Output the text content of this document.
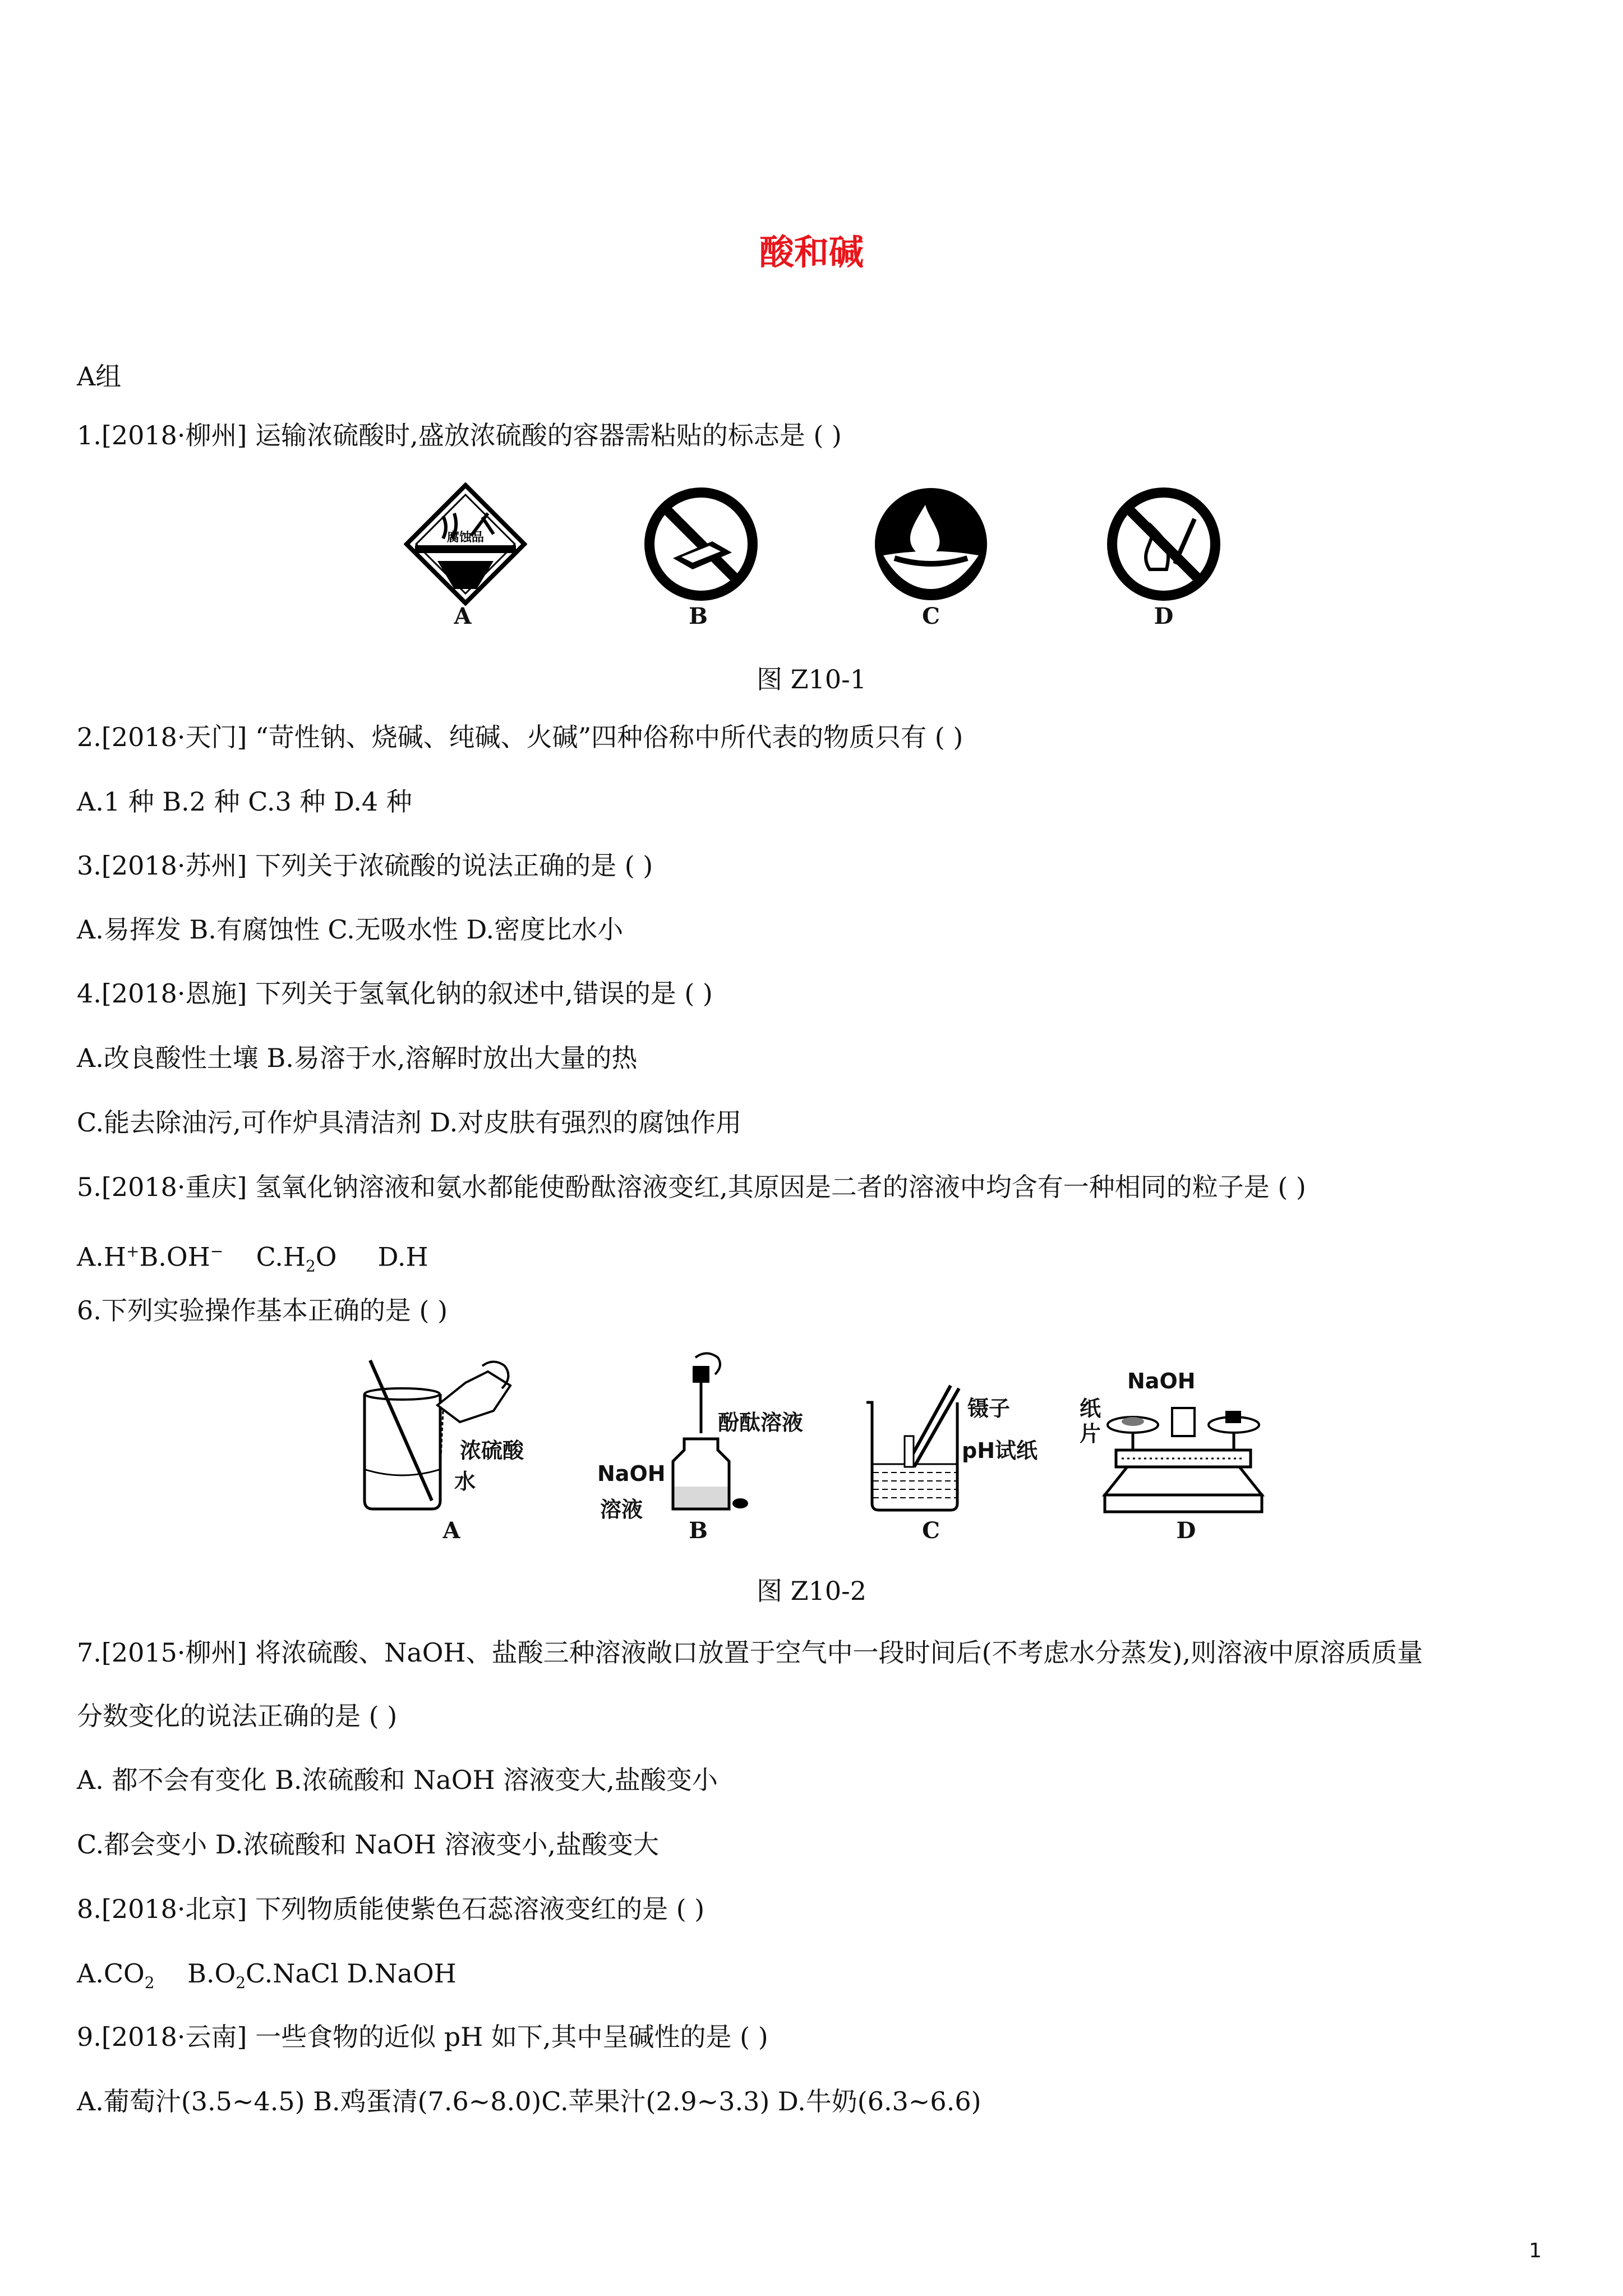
酸和碱
A组
1.[2018·柳州] 运输浓硫酸时,盛放浓硫酸的容器需粘贴的标志是 ( )
腐蚀品
A	B	C	D
图 Z10-1
2.[2018·天门] “苛性钠、烧碱、纯碱、火碱”四种俗称中所代表的物质只有 ( )
A.1 种 B.2 种 C.3 种 D.4 种
3.[2018·苏州] 下列关于浓硫酸的说法正确的是 ( )
A.易挥发 B.有腐蚀性 C.无吸水性 D.密度比水小
4.[2018·恩施] 下列关于氢氧化钠的叙述中,错误的是 ( )
A.改良酸性土壤 B.易溶于水,溶解时放出大量的热
C.能去除油污,可作炉具清洁剂 D.对皮肤有强烈的腐蚀作用
5.[2018·重庆] 氢氧化钠溶液和氨水都能使酚酞溶液变红,其原因是二者的溶液中均含有一种相同的粒子是 ( )
A.H+B.OH− $C.H_2O$ D.H
6.下列实验操作基本正确的是 ( )
浓硫酸
水
酚酞溶液
NaOH
溶液
镊子
pH试纸
NaOH
纸
片
A	B	C	D
图 Z10-2
7.[2015·柳州] 将浓硫酸、NaOH、盐酸三种溶液敞口放置于空气中一段时间后(不考虑水分蒸发),则溶液中原溶质质量
分数变化的说法正确的是 ( )
A. 都不会有变化 B.浓硫酸和 NaOH 溶液变大,盐酸变小
C.都会变小 D.浓硫酸和 NaOH 溶液变小,盐酸变大
8.[2018·北京] 下列物质能使紫色石蕊溶液变红的是 ( )
$A.CO_2$ $B.O_2C.NaCl$ D.NaOH
9.[2018·云南] 一些食物的近似 pH 如下,其中呈碱性的是 ( )
A.葡萄汁(3.5~4.5) B.鸡蛋清(7.6~8.0)C.苹果汁(2.9~3.3) D.牛奶(6.3~6.6)
1
